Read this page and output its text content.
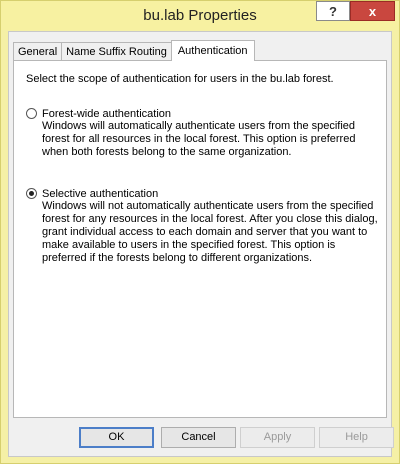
bu.lab Properties	?	x
General Name Suffix Routing	Authentication
Select the scope of authentication for users in the bu.lab forest.
Forest-wide authentication
Windows will automatically authenticate users from the specified forest for all resources in the local forest. This option is preferred when both forests belong to the same organization.
Selective authentication
Windows will not automatically authenticate users from the specified forest for any resources in the local forest. After you close this dialog, grant individual access to each domain and server that you want to make available to users in the specified forest. This option is preferred if the forests belong to different organizations.
OK	Cancel	Apply	Help
